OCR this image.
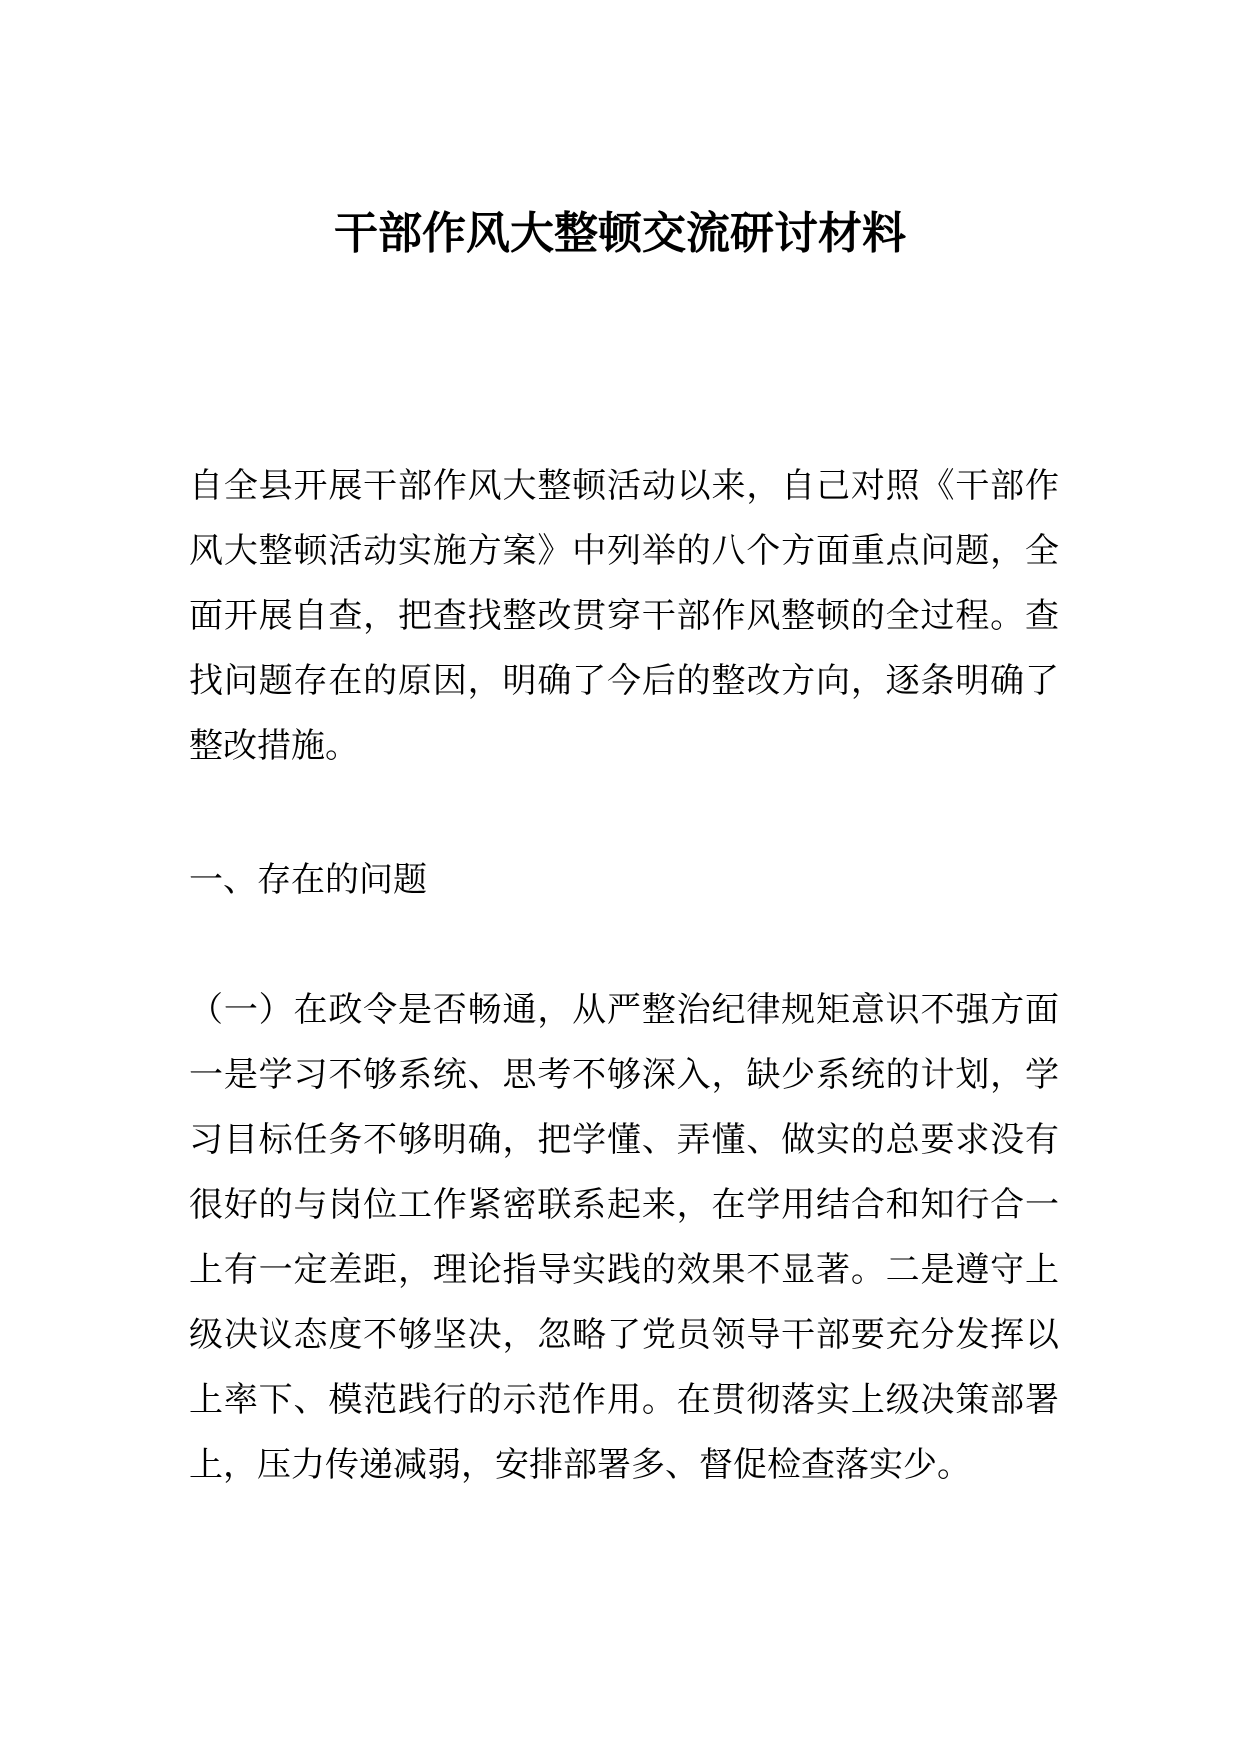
干部作风大整顿交流研讨材料

自全县开展干部作风大整顿活动以来，自己对照《干部作风大整顿活动实施方案》中列举的八个方面重点问题，全面开展自查，把查找整改贯穿干部作风整顿的全过程。查找问题存在的原因，明确了今后的整改方向，逐条明确了整改措施。

一、存在的问题

（一）在政令是否畅通，从严整治纪律规矩意识不强方面一是学习不够系统、思考不够深入，缺少系统的计划，学习目标任务不够明确，把学懂、弄懂、做实的总要求没有很好的与岗位工作紧密联系起来，在学用结合和知行合一上有一定差距，理论指导实践的效果不显著。二是遵守上级决议态度不够坚决，忽略了党员领导干部要充分发挥以上率下、模范践行的示范作用。在贯彻落实上级决策部署上，压力传递减弱，安排部署多、督促检查落实少。
